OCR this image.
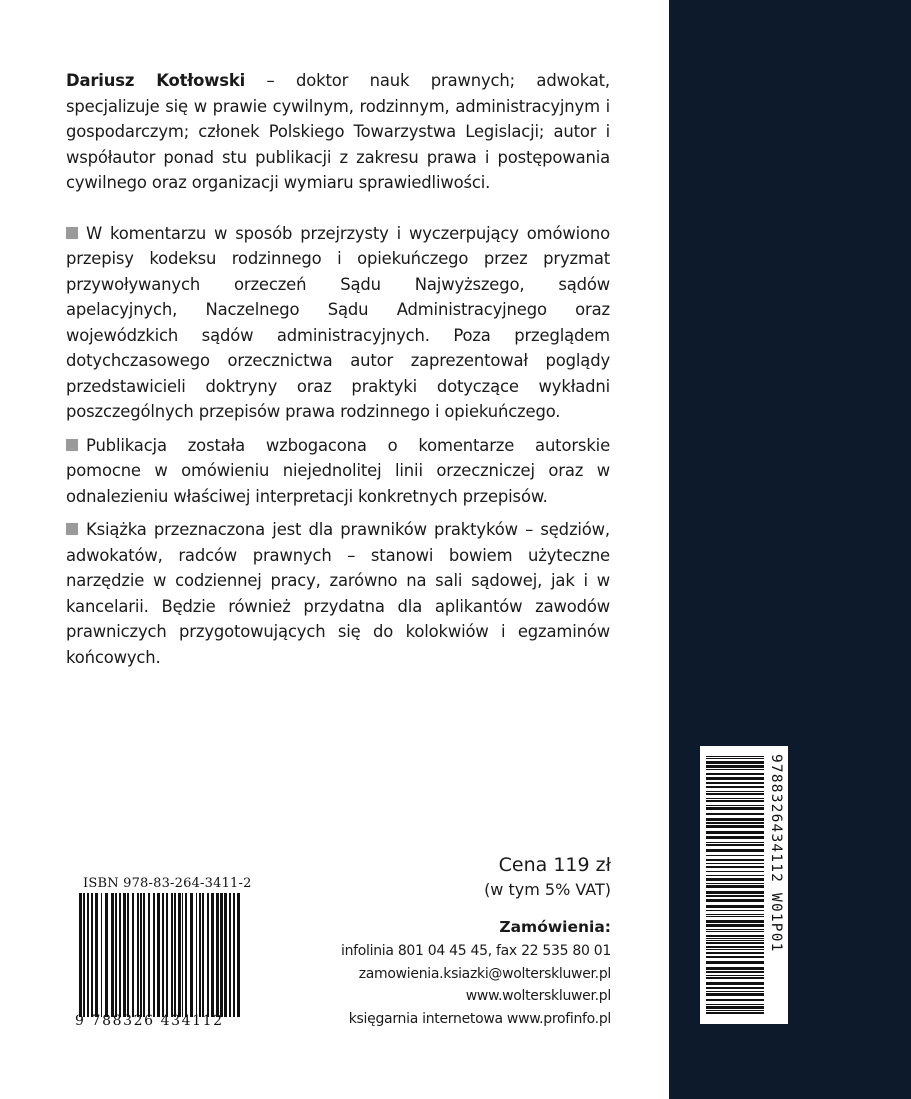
Dariusz Kotłowski – doktor nauk prawnych; adwokat, specjalizuje się w prawie cywilnym, rodzinnym, administracyjnym i gospodarczym; członek Polskiego Towarzystwa Legislacji; autor i współautor ponad stu publikacji z zakresu prawa i postępowania cywilnego oraz organizacji wymiaru sprawiedliwości.

W komentarzu w sposób przejrzysty i wyczerpujący omówiono przepisy kodeksu rodzinnego i opiekuńczego przez pryzmat przywoływanych orzeczeń Sądu Najwyższego, sądów apelacyjnych, Naczelnego Sądu Administracyjnego oraz wojewódzkich sądów administracyjnych. Poza przeglądem dotychczasowego orzecznictwa autor zaprezentował poglądy przedstawicieli doktryny oraz praktyki dotyczące wykładni poszczególnych przepisów prawa rodzinnego i opiekuńczego.

Publikacja została wzbogacona o komentarze autorskie pomocne w omówieniu niejednolitej linii orzeczniczej oraz w odnalezieniu właściwej interpretacji konkretnych przepisów.

Książka przeznaczona jest dla prawników praktyków – sędziów, adwokatów, radców prawnych – stanowi bowiem użyteczne narzędzie w codziennej pracy, zarówno na sali sądowej, jak i w kancelarii. Będzie również przydatna dla aplikantów zawodów prawniczych przygotowujących się do kolokwiów i egzaminów końcowych.

ISBN 978-83-264-3411-2
9 788326 434112
Cena 119 zł
(w tym 5% VAT)
Zamówienia:
infolinia 801 04 45 45, fax 22 535 80 01
zamowienia.ksiazki@wolterskluwer.pl
www.wolterskluwer.pl
księgarnia internetowa www.profinfo.pl
9788326434112 W01P01
